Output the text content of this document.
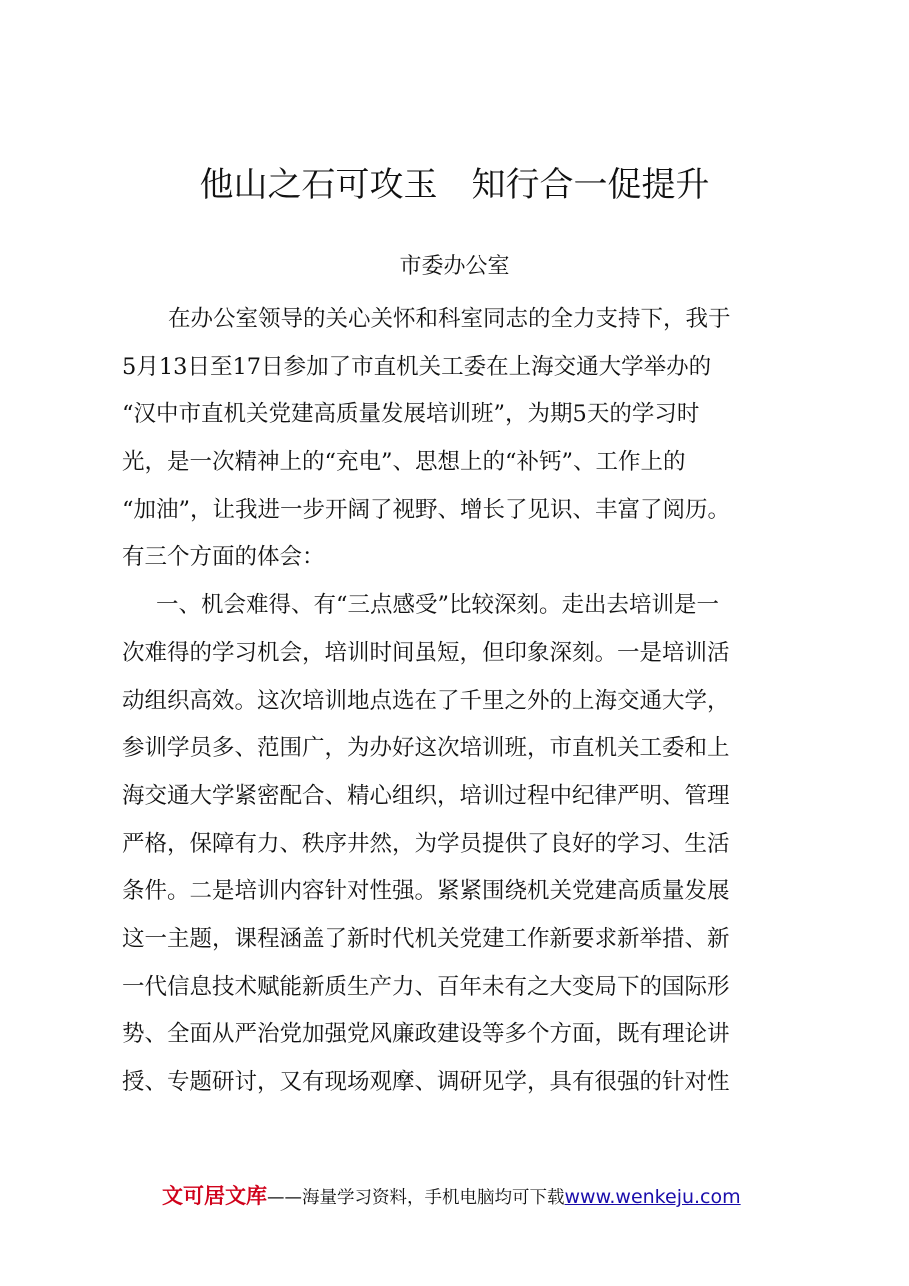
他山之石可攻玉 知行合一促提升
市委办公室
在办公室领导的关心关怀和科室同志的全力支持下，我于
5月13日至17日参加了市直机关工委在上海交通大学举办的
“汉中市直机关党建高质量发展培训班”，为期5天的学习时
光，是一次精神上的“充电”、思想上的“补钙”、工作上的
“加油”，让我进一步开阔了视野、增长了见识、丰富了阅历。
有三个方面的体会：
一、机会难得、有“三点感受”比较深刻。走出去培训是一
次难得的学习机会，培训时间虽短，但印象深刻。一是培训活
动组织高效。这次培训地点选在了千里之外的上海交通大学，
参训学员多、范围广，为办好这次培训班，市直机关工委和上
海交通大学紧密配合、精心组织，培训过程中纪律严明、管理
严格，保障有力、秩序井然，为学员提供了良好的学习、生活
条件。二是培训内容针对性强。紧紧围绕机关党建高质量发展
这一主题，课程涵盖了新时代机关党建工作新要求新举措、新
一代信息技术赋能新质生产力、百年未有之大变局下的国际形
势、全面从严治党加强党风廉政建设等多个方面，既有理论讲
授、专题研讨，又有现场观摩、调研见学，具有很强的针对性
文可居文库——海量学习资料，手机电脑均可下载www.wenkeju.com
